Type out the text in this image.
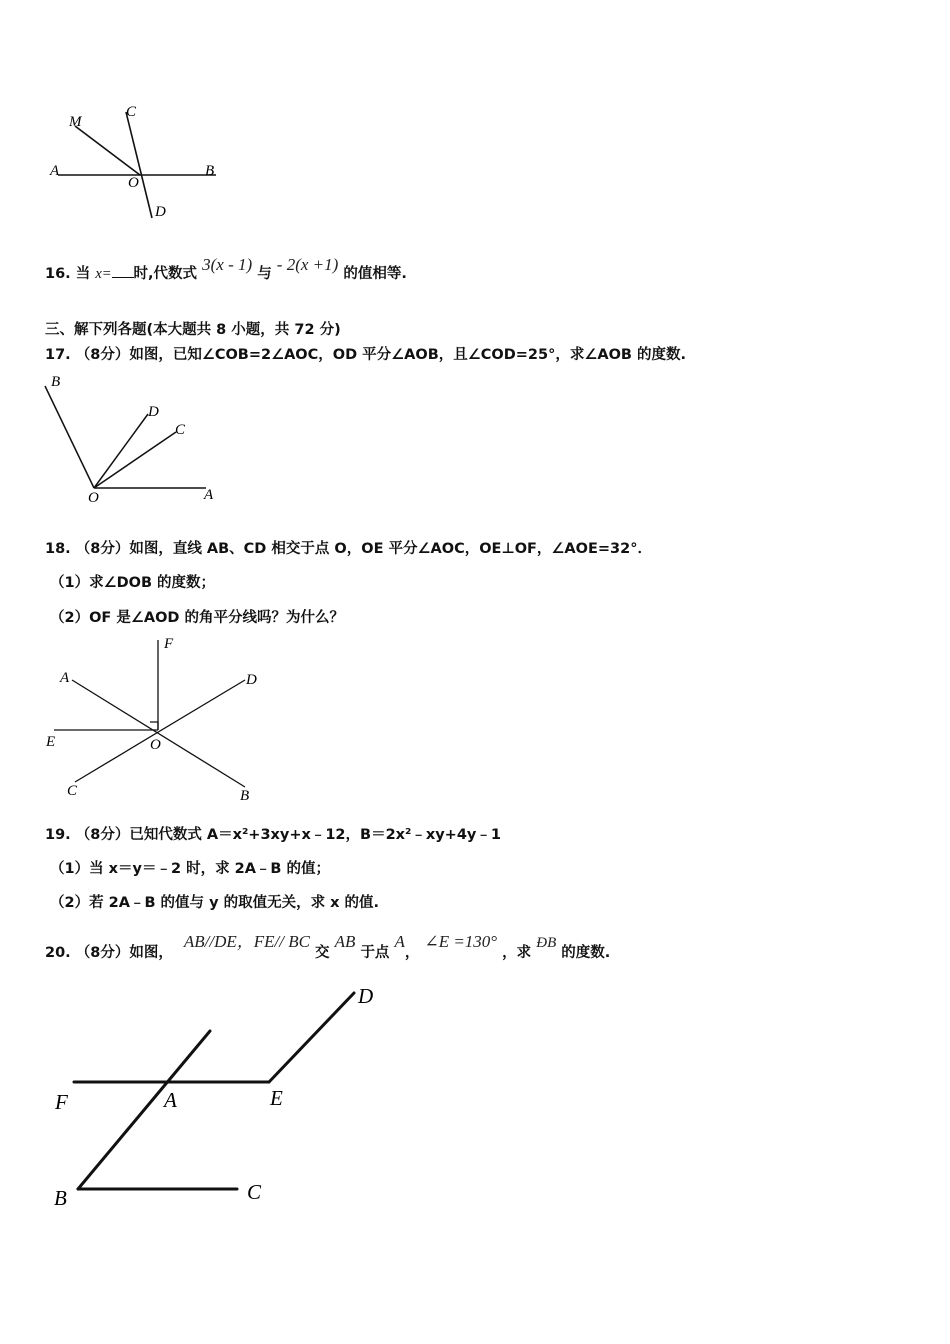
M
C
A	B
O
D
16. 当 x= 时,代数式 3(x - 1) 与 - 2(x +1) 的值相等.
三、解下列各题(本大题共 8 小题，共 72 分)
17. （8分）如图，已知∠COB=2∠AOC，OD 平分∠AOB，且∠COD=25°，求∠AOB 的度数.
B
D
C
O	A
18. （8分）如图，直线 AB、CD 相交于点 O，OE 平分∠AOC，OE⊥OF，∠AOE=32°．
（1）求∠DOB 的度数；
（2）OF 是∠AOD 的角平分线吗？为什么？
F
A	D
E	O
C	B
19. （8分）已知代数式 A＝x²+3xy+x﹣12，B＝2x²﹣xy+4y﹣1
（1）当 x＝y＝﹣2 时，求 2A﹣B 的值；
（2）若 2A﹣B 的值与 y 的取值无关，求 x 的值.
20. （8分）如图， AB//DE，FE// BC 交 AB 于点 A， ∠E =130° ，求 ÐB 的度数.
D
F	A	E
B	C
